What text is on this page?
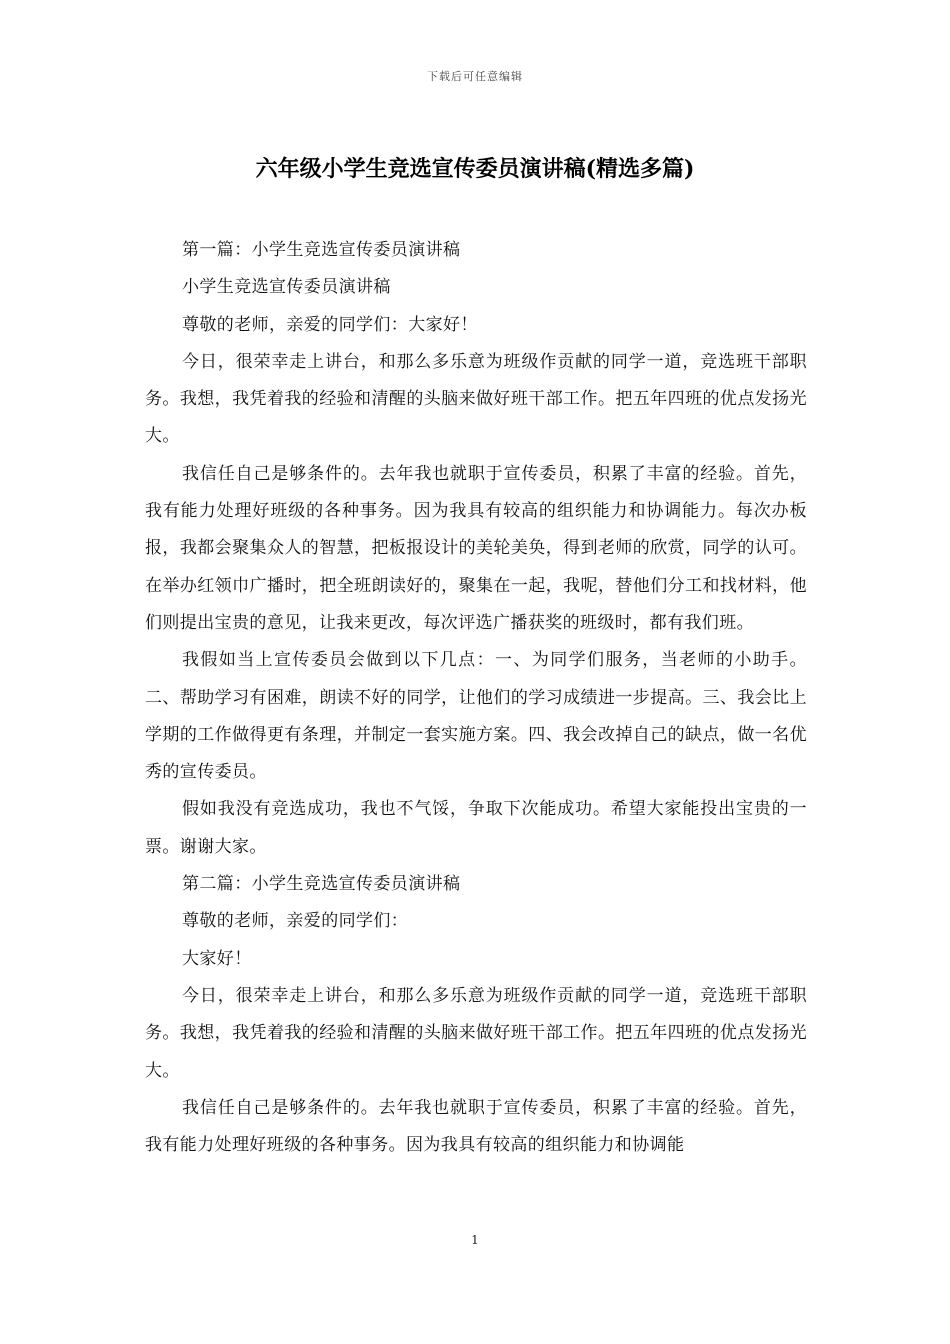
下载后可任意编辑
六年级小学生竞选宣传委员演讲稿(精选多篇)

第一篇：小学生竞选宣传委员演讲稿

小学生竞选宣传委员演讲稿

尊敬的老师，亲爱的同学们：大家好！

今日，很荣幸走上讲台，和那么多乐意为班级作贡献的同学一道，竞选班干部职务。我想，我凭着我的经验和清醒的头脑来做好班干部工作。把五年四班的优点发扬光大。

我信任自己是够条件的。去年我也就职于宣传委员，积累了丰富的经验。首先，我有能力处理好班级的各种事务。因为我具有较高的组织能力和协调能力。每次办板报，我都会聚集众人的智慧，把板报设计的美轮美奂，得到老师的欣赏，同学的认可。在举办红领巾广播时，把全班朗读好的，聚集在一起，我呢，替他们分工和找材料，他们则提出宝贵的意见，让我来更改，每次评选广播获奖的班级时，都有我们班。

我假如当上宣传委员会做到以下几点：一、为同学们服务，当老师的小助手。二、帮助学习有困难，朗读不好的同学，让他们的学习成绩进一步提高。三、我会比上学期的工作做得更有条理，并制定一套实施方案。四、我会改掉自己的缺点，做一名优秀的宣传委员。

假如我没有竞选成功，我也不气馁，争取下次能成功。希望大家能投出宝贵的一票。谢谢大家。

第二篇：小学生竞选宣传委员演讲稿

尊敬的老师，亲爱的同学们：

大家好！

今日，很荣幸走上讲台，和那么多乐意为班级作贡献的同学一道，竞选班干部职务。我想，我凭着我的经验和清醒的头脑来做好班干部工作。把五年四班的优点发扬光大。

我信任自己是够条件的。去年我也就职于宣传委员，积累了丰富的经验。首先，我有能力处理好班级的各种事务。因为我具有较高的组织能力和协调能

1
